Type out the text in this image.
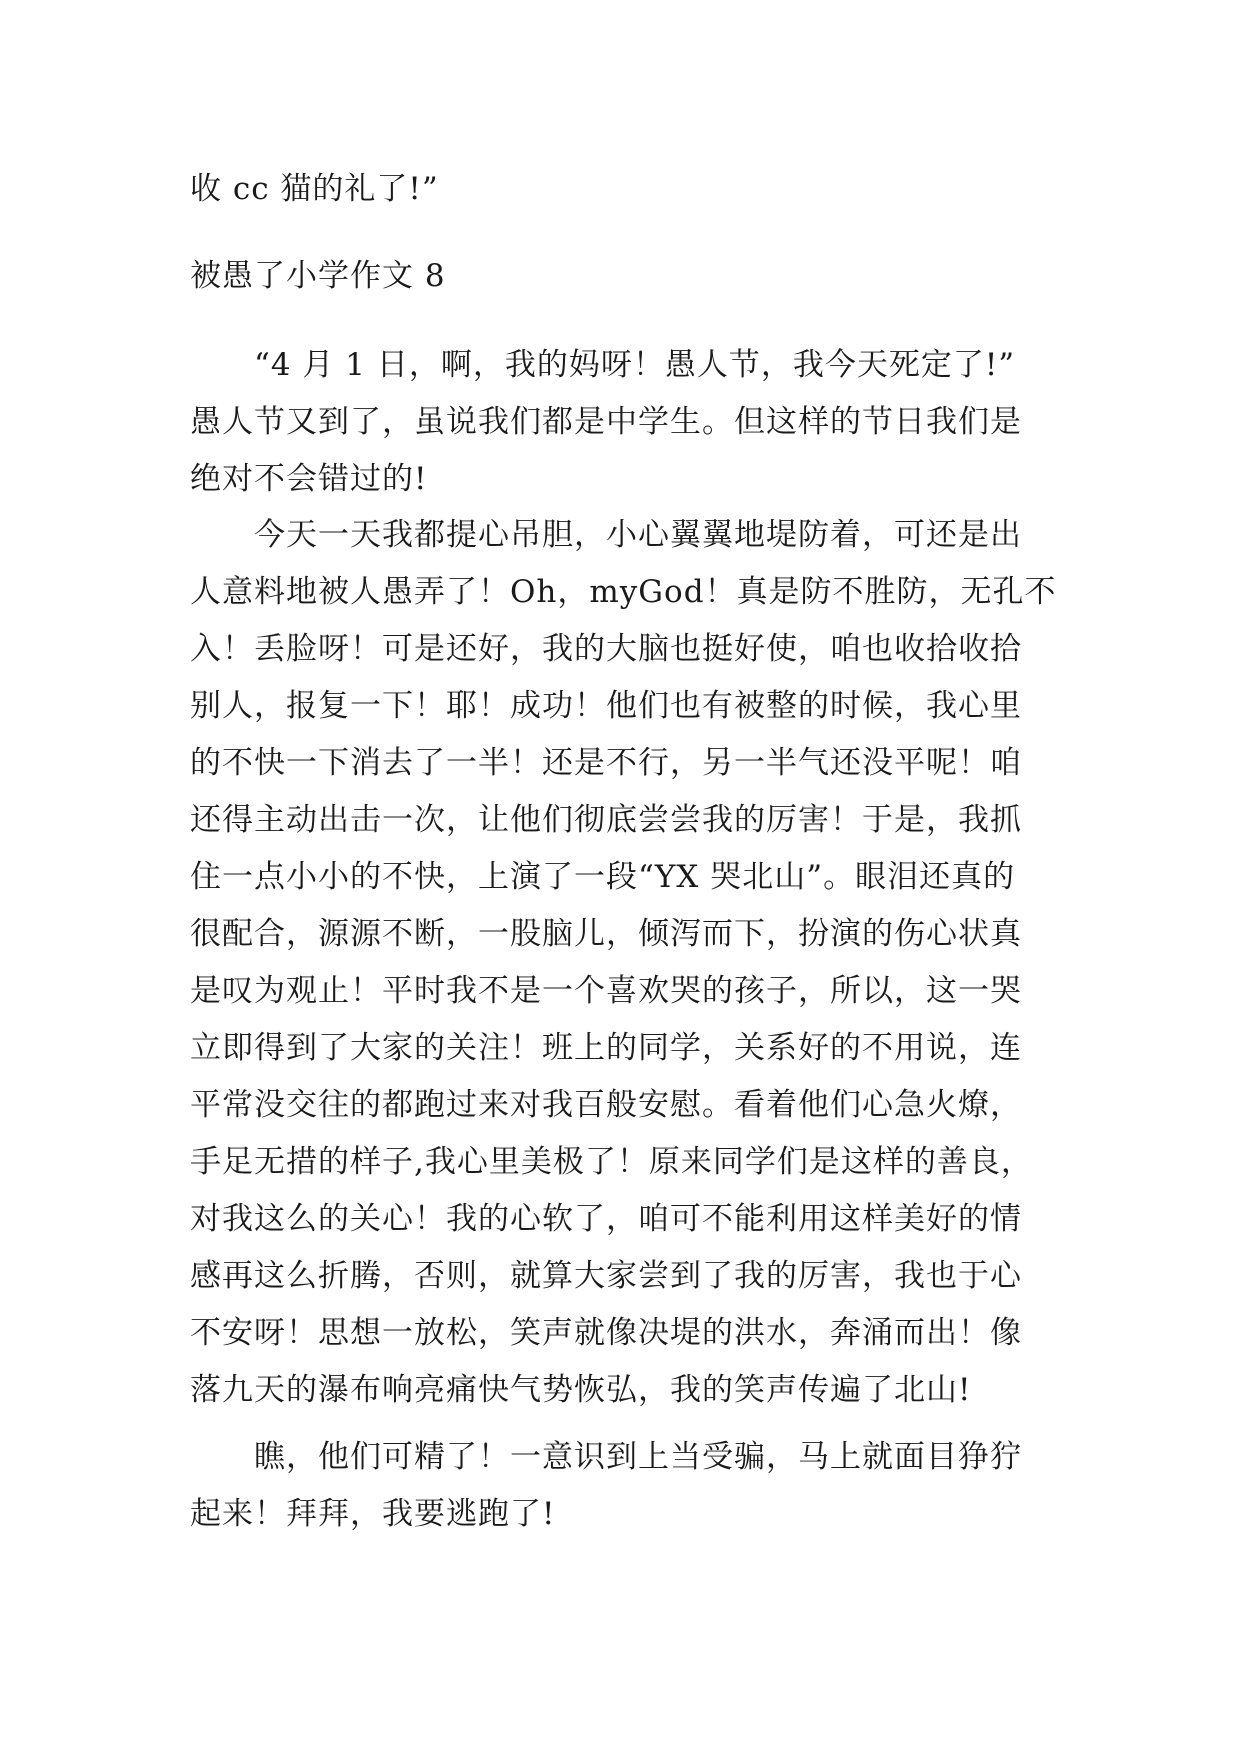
收 cc 猫的礼了!”
被愚了小学作文 8
　　“4 月 1 日，啊，我的妈呀！愚人节，我今天死定了!”
愚人节又到了，虽说我们都是中学生。但这样的节日我们是
绝对不会错过的!
　　今天一天我都提心吊胆，小心翼翼地堤防着，可还是出
人意料地被人愚弄了！Oh，myGod！真是防不胜防，无孔不
入！丢脸呀！可是还好，我的大脑也挺好使，咱也收拾收拾
别人，报复一下！耶！成功！他们也有被整的时候，我心里
的不快一下消去了一半！还是不行，另一半气还没平呢！咱
还得主动出击一次，让他们彻底尝尝我的厉害！于是，我抓
住一点小小的不快，上演了一段“YX 哭北山”。眼泪还真的
很配合，源源不断，一股脑儿，倾泻而下，扮演的伤心状真
是叹为观止！平时我不是一个喜欢哭的孩子，所以，这一哭
立即得到了大家的关注！班上的同学，关系好的不用说，连
平常没交往的都跑过来对我百般安慰。看着他们心急火燎，
手足无措的样子,我心里美极了！原来同学们是这样的善良，
对我这么的关心！我的心软了，咱可不能利用这样美好的情
感再这么折腾，否则，就算大家尝到了我的厉害，我也于心
不安呀！思想一放松，笑声就像决堤的洪水，奔涌而出！像
落九天的瀑布响亮痛快气势恢弘，我的笑声传遍了北山!
　　瞧，他们可精了！一意识到上当受骗，马上就面目狰狞
起来！拜拜，我要逃跑了!
